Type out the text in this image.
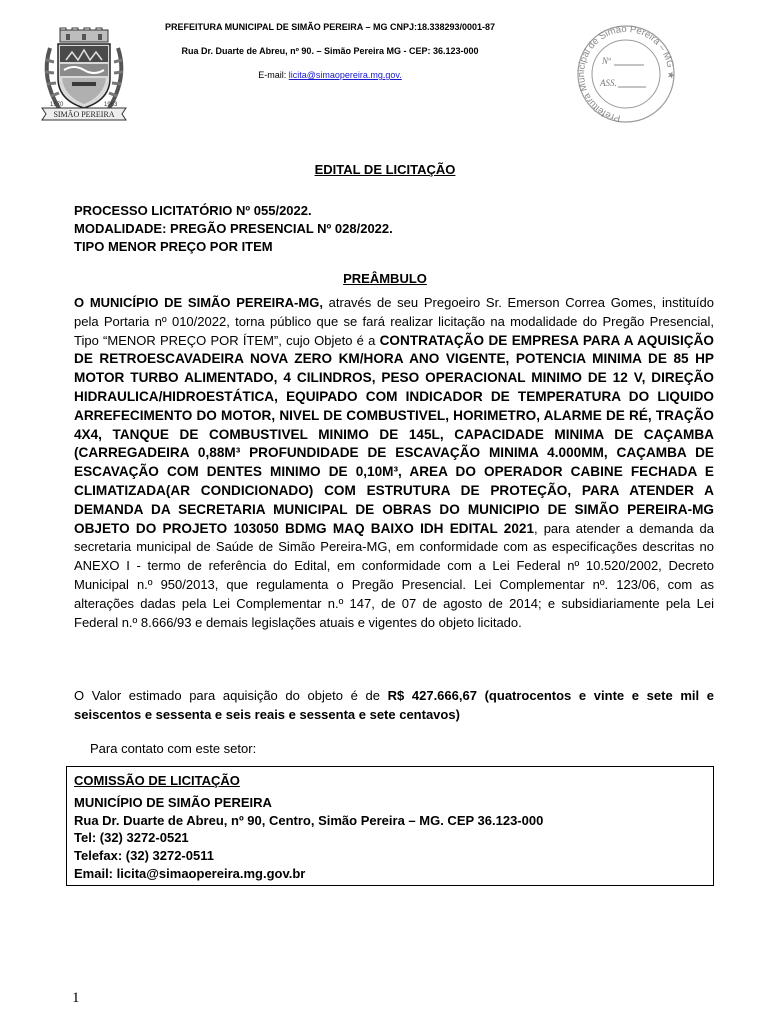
1970	1963
SIMÃO PEREIRA
PREFEITURA MUNICIPAL DE SIMÃO PEREIRA – MG CNPJ:18.338293/0001-87
Rua Dr. Duarte de Abreu, nº 90. – Simão Pereira MG - CEP: 36.123-000
E-mail: licita@simaopereira.mg.gov.
Prefeitura Municipal de Simão Pereira – MG ★
Nº
ASS.
EDITAL DE LICITAÇÃO
PROCESSO LICITATÓRIO Nº 055/2022.
MODALIDADE: PREGÃO PRESENCIAL Nº 028/2022.
TIPO MENOR PREÇO POR ITEM
PREÂMBULO
O MUNICÍPIO DE SIMÃO PEREIRA-MG, através de seu Pregoeiro Sr. Emerson Correa Gomes, instituído pela Portaria nº 010/2022, torna público que se fará realizar licitação na modalidade do Pregão Presencial, Tipo “MENOR PREÇO POR ÍTEM”, cujo Objeto é a CONTRATAÇÃO DE EMPRESA PARA A AQUISIÇÃO DE RETROESCAVADEIRA NOVA ZERO KM/HORA ANO VIGENTE, POTENCIA MINIMA DE 85 HP MOTOR TURBO ALIMENTADO, 4 CILINDROS, PESO OPERACIONAL MINIMO DE 12 V, DIREÇÃO HIDRAULICA/HIDROESTÁTICA, EQUIPADO COM INDICADOR DE TEMPERATURA DO LIQUIDO ARREFECIMENTO DO MOTOR, NIVEL DE COMBUSTIVEL, HORIMETRO, ALARME DE RÉ, TRAÇÃO 4X4, TANQUE DE COMBUSTIVEL MINIMO DE 145L, CAPACIDADE MINIMA DE CAÇAMBA (CARREGADEIRA 0,88M³ PROFUNDIDADE DE ESCAVAÇÃO MINIMA 4.000MM, CAÇAMBA DE ESCAVAÇÃO COM DENTES MINIMO DE 0,10M³, AREA DO OPERADOR CABINE FECHADA E CLIMATIZADA(AR CONDICIONADO) COM ESTRUTURA DE PROTEÇÃO, PARA ATENDER A DEMANDA DA SECRETARIA MUNICIPAL DE OBRAS DO MUNICIPIO DE SIMÃO PEREIRA-MG OBJETO DO PROJETO 103050 BDMG MAQ BAIXO IDH EDITAL 2021, para atender a demanda da secretaria municipal de Saúde de Simão Pereira-MG, em conformidade com as especificações descritas no ANEXO I - termo de referência do Edital, em conformidade com a Lei Federal nº 10.520/2002, Decreto Municipal n.º 950/2013, que regulamenta o Pregão Presencial. Lei Complementar nº. 123/06, com as alterações dadas pela Lei Complementar n.º 147, de 07 de agosto de 2014; e subsidiariamente pela Lei Federal n.º 8.666/93 e demais legislações atuais e vigentes do objeto licitado.
O Valor estimado para aquisição do objeto é de R$ 427.666,67 (quatrocentos e vinte e sete mil e seiscentos e sessenta e seis reais e sessenta e sete centavos)
Para contato com este setor:
COMISSÃO DE LICITAÇÃO
MUNICÍPIO DE SIMÃO PEREIRA
Rua Dr. Duarte de Abreu, nº 90, Centro, Simão Pereira – MG. CEP 36.123-000
Tel: (32) 3272-0521
Telefax: (32) 3272-0511
Email: licita@simaopereira.mg.gov.br
1
